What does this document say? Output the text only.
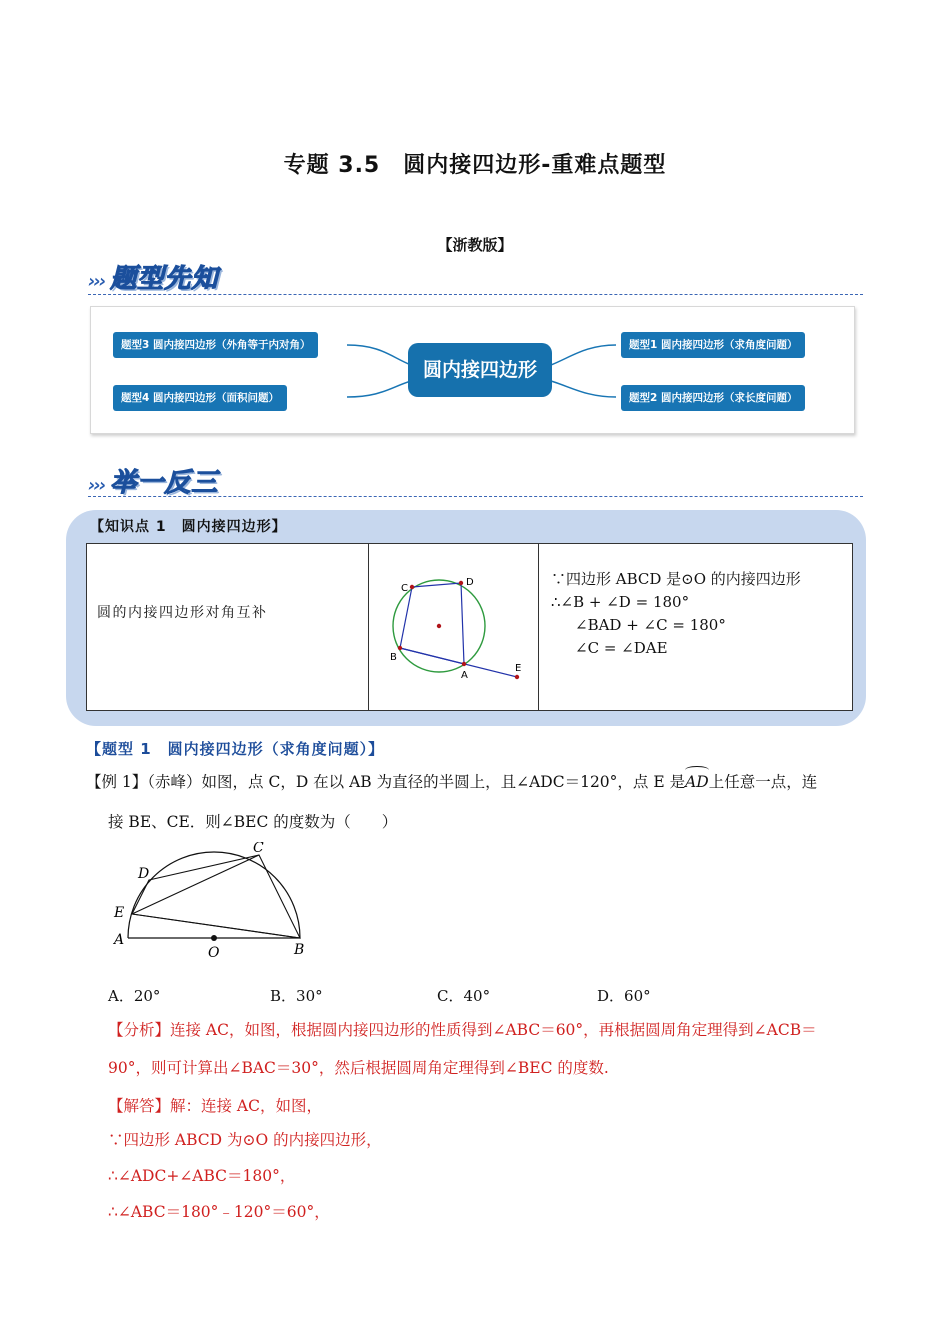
专题 3.5　圆内接四边形-重难点题型
【浙教版】
››› 题型先知
题型3 圆内接四边形（外角等于内对角）
题型4 圆内接四边形（面积问题）
圆内接四边形
题型1 圆内接四边形（求角度问题）
题型2 圆内接四边形（求长度问题）
››› 举一反三
【知识点 1　圆内接四边形】
圆的内接四边形对角互补
C
D
B
A
E
∵四边形 ABCD 是⊙O 的内接四边形
∴∠B + ∠D = 180°
∠BAD + ∠C = 180°
∠C = ∠DAE
【题型 1　圆内接四边形（求角度问题）】
【例 1】（赤峰）如图，点 C，D 在以 AB 为直径的半圆上，且∠ADC＝120°，点 E 是
AD上任意一点，连
接 BE、CE．则∠BEC 的度数为（　　）
C
D
E
A
O	B
A．20°	B．30°	C．40°	D．60°
【分析】连接 AC，如图，根据圆内接四边形的性质得到∠ABC＝60°，再根据圆周角定理得到∠ACB＝
90°，则可计算出∠BAC＝30°，然后根据圆周角定理得到∠BEC 的度数.
【解答】解：连接 AC，如图，
∵四边形 ABCD 为⊙O 的内接四边形，
∴∠ADC+∠ABC＝180°，
∴∠ABC＝180°﹣120°＝60°，
